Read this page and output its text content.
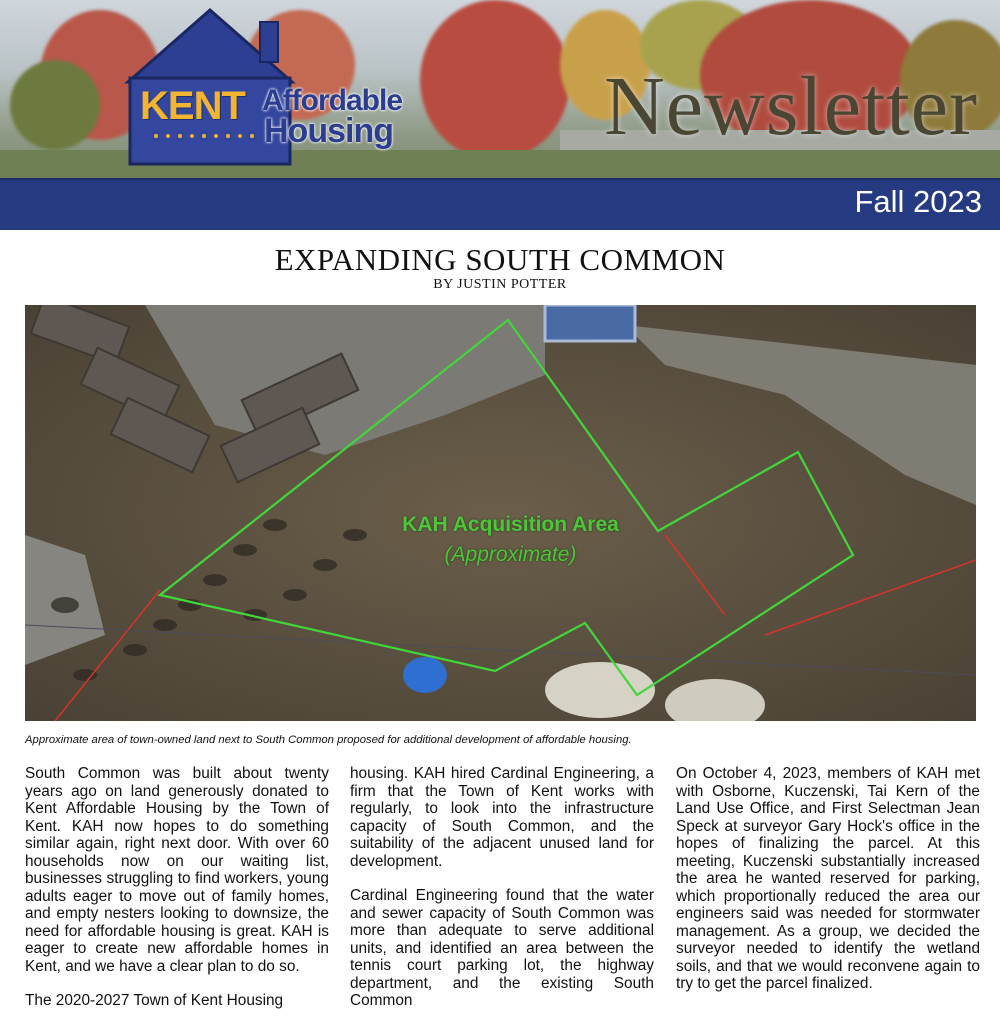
KENT Affordable
Housing	Newsletter
Fall 2023
EXPANDING SOUTH COMMON
BY JUSTIN POTTER
KAH Acquisition Area
(Approximate)
Approximate area of town-owned land next to South Common proposed for additional development of affordable housing.

South Common was built about twenty years ago on land generously donated to Kent Affordable Housing by the Town of Kent. KAH now hopes to do something similar again, right next door. With over 60 households now on our waiting list, businesses struggling to find workers, young adults eager to move out of family homes, and empty nesters looking to downsize, the need for affordable housing is great. KAH is eager to create new affordable homes in Kent, and we have a clear plan to do so.

The 2020-2027 Town of Kent Housing

housing. KAH hired Cardinal Engineering, a firm that the Town of Kent works with regularly, to look into the infrastructure capacity of South Common, and the suitability of the adjacent unused land for development.

Cardinal Engineering found that the water and sewer capacity of South Common was more than adequate to serve additional units, and identified an area between the tennis court parking lot, the highway department, and the existing South Common

On October 4, 2023, members of KAH met with Osborne, Kuczenski, Tai Kern of the Land Use Office, and First Selectman Jean Speck at surveyor Gary Hock's office in the hopes of finalizing the parcel. At this meeting, Kuczenski substantially increased the area he wanted reserved for parking, which proportionally reduced the area our engineers said was needed for stormwater management. As a group, we decided the surveyor needed to identify the wetland soils, and that we would reconvene again to try to get the parcel finalized.
